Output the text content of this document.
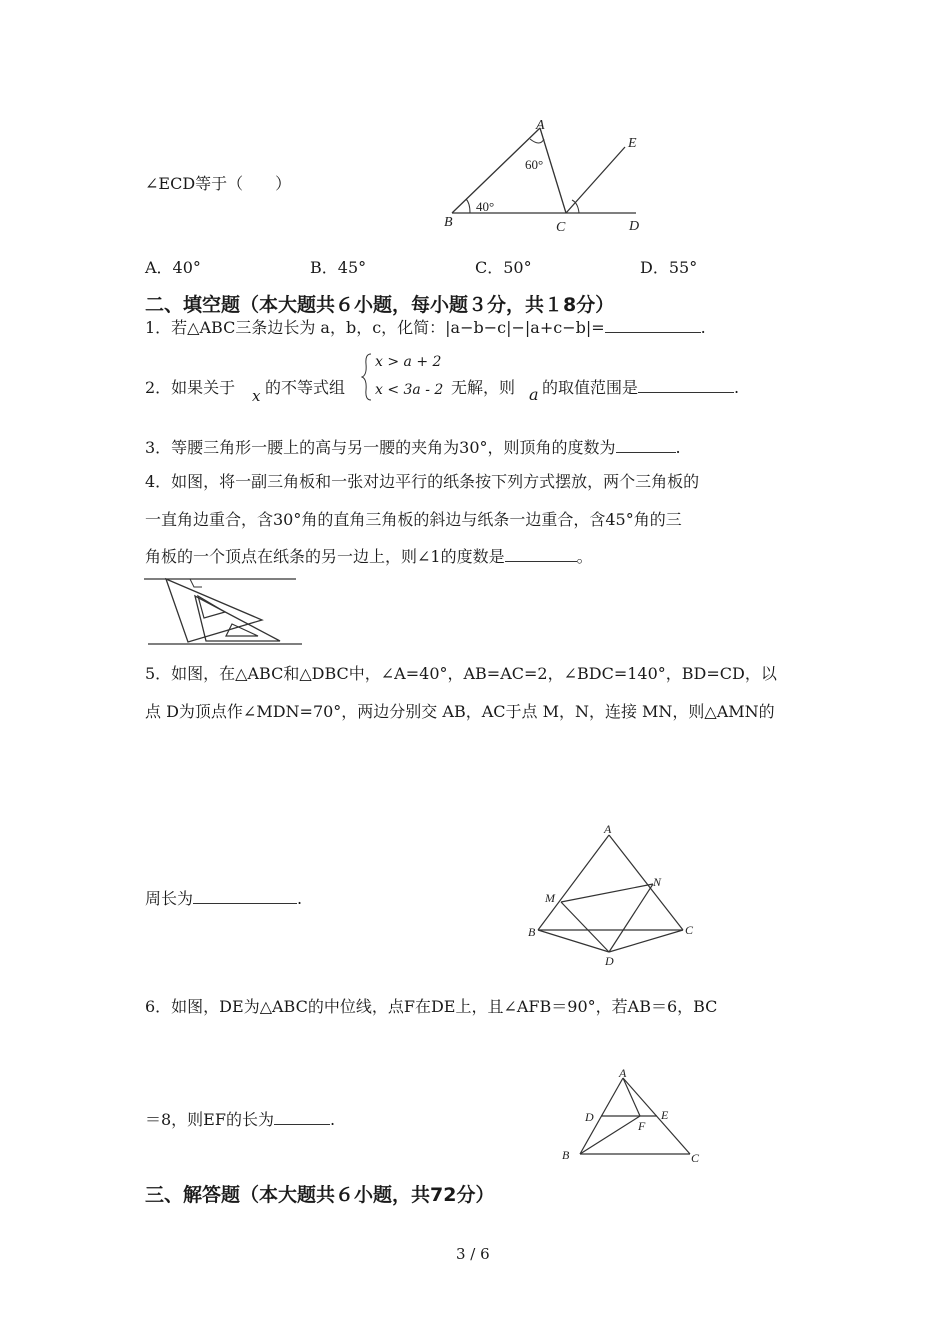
∠ECD等于（　　）
A
B	C	D
E
60°
40°
A．40°	B．45°	C．50°	D．55°
二、填空题（本大题共６小题，每小题３分，共１8分）
1．若△ABC三条边长为 a，b，c，化简：|a−b−c|−|a+c−b|=	.
2．如果关于 x 的不等式组
x > a + 2
x < 3a - 2 无解，则 a 的取值范围是	.
3．等腰三角形一腰上的高与另一腰的夹角为30°，则顶角的度数为	.
4．如图，将一副三角板和一张对边平行的纸条按下列方式摆放，两个三角板的
一直角边重合，含30°角的直角三角板的斜边与纸条一边重合，含45°角的三
角板的一个顶点在纸条的另一边上，则∠1的度数是	。
5．如图，在△ABC和△DBC中，∠A=40°，AB=AC=2，∠BDC=140°，BD=CD，以
点 D为顶点作∠MDN=70°，两边分别交 AB，AC于点 M，N，连接 MN，则△AMN的
周长为	.
A
M
N
B	C
D
6．如图，DE为△ABC的中位线，点F在DE上，且∠AFB＝90°，若AB＝6，BC
＝8，则EF的长为	.
A
D	E
F
B	C
三、解答题（本大题共６小题，共72分）
3 / 6
